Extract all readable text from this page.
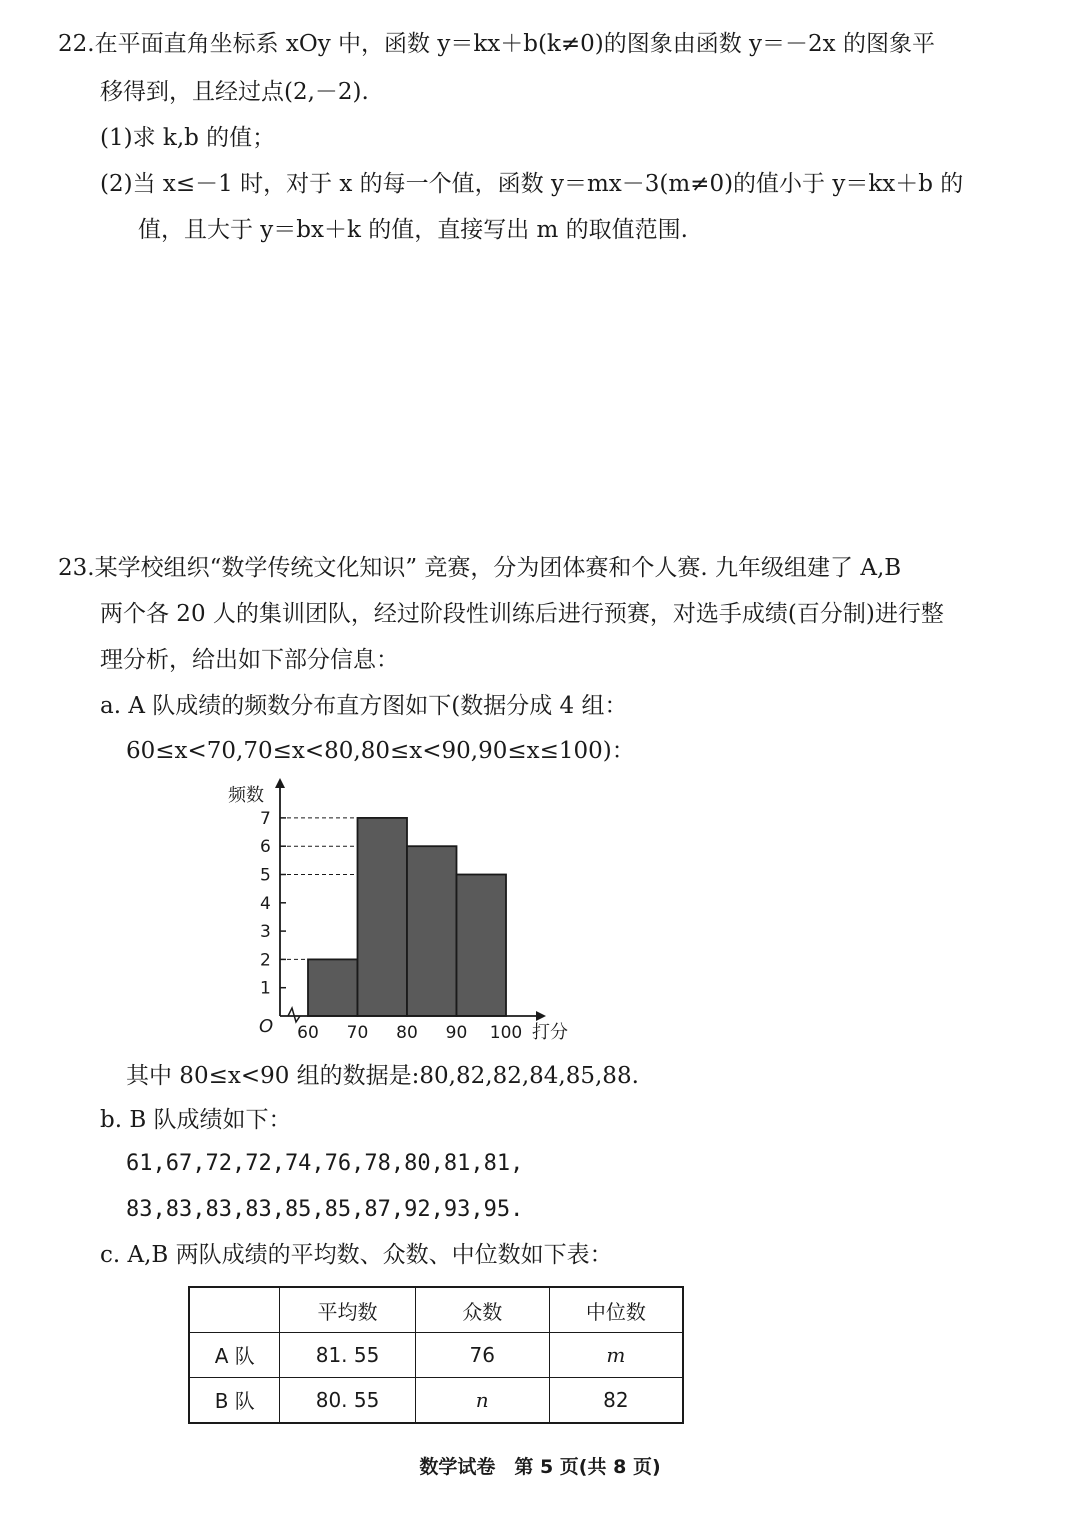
22.在平面直角坐标系 xOy 中，函数 y＝kx＋b(k≠0)的图象由函数 y＝－2x 的图象平
移得到，且经过点(2,－2).
(1)求 k,b 的值；
(2)当 x≤－1 时，对于 x 的每一个值，函数 y＝mx－3(m≠0)的值小于 y＝kx＋b 的
值，且大于 y＝bx＋k 的值，直接写出 m 的取值范围.
23.某学校组织“数学传统文化知识” 竞赛，分为团体赛和个人赛. 九年级组建了 A,B
两个各 20 人的集训团队，经过阶段性训练后进行预赛，对选手成绩(百分制)进行整
理分析，给出如下部分信息：
a. A 队成绩的频数分布直方图如下(数据分成 4 组：
60≤x<70,70≤x<80,80≤x<90,90≤x≤100)：
1
2
3
4
5
6
7
60 70 80 90 100
频数
打分
O
其中 80≤x<90 组的数据是:80,82,82,84,85,88.
b. B 队成绩如下：
61,67,72,72,74,76,78,80,81,81,
83,83,83,83,85,85,87,92,93,95.
c. A,B 两队成绩的平均数、众数、中位数如下表：
	平均数	众数	中位数
A 队	81. 55	76	m
B 队	80. 55	n	82
数学试卷　第 5 页(共 8 页)
